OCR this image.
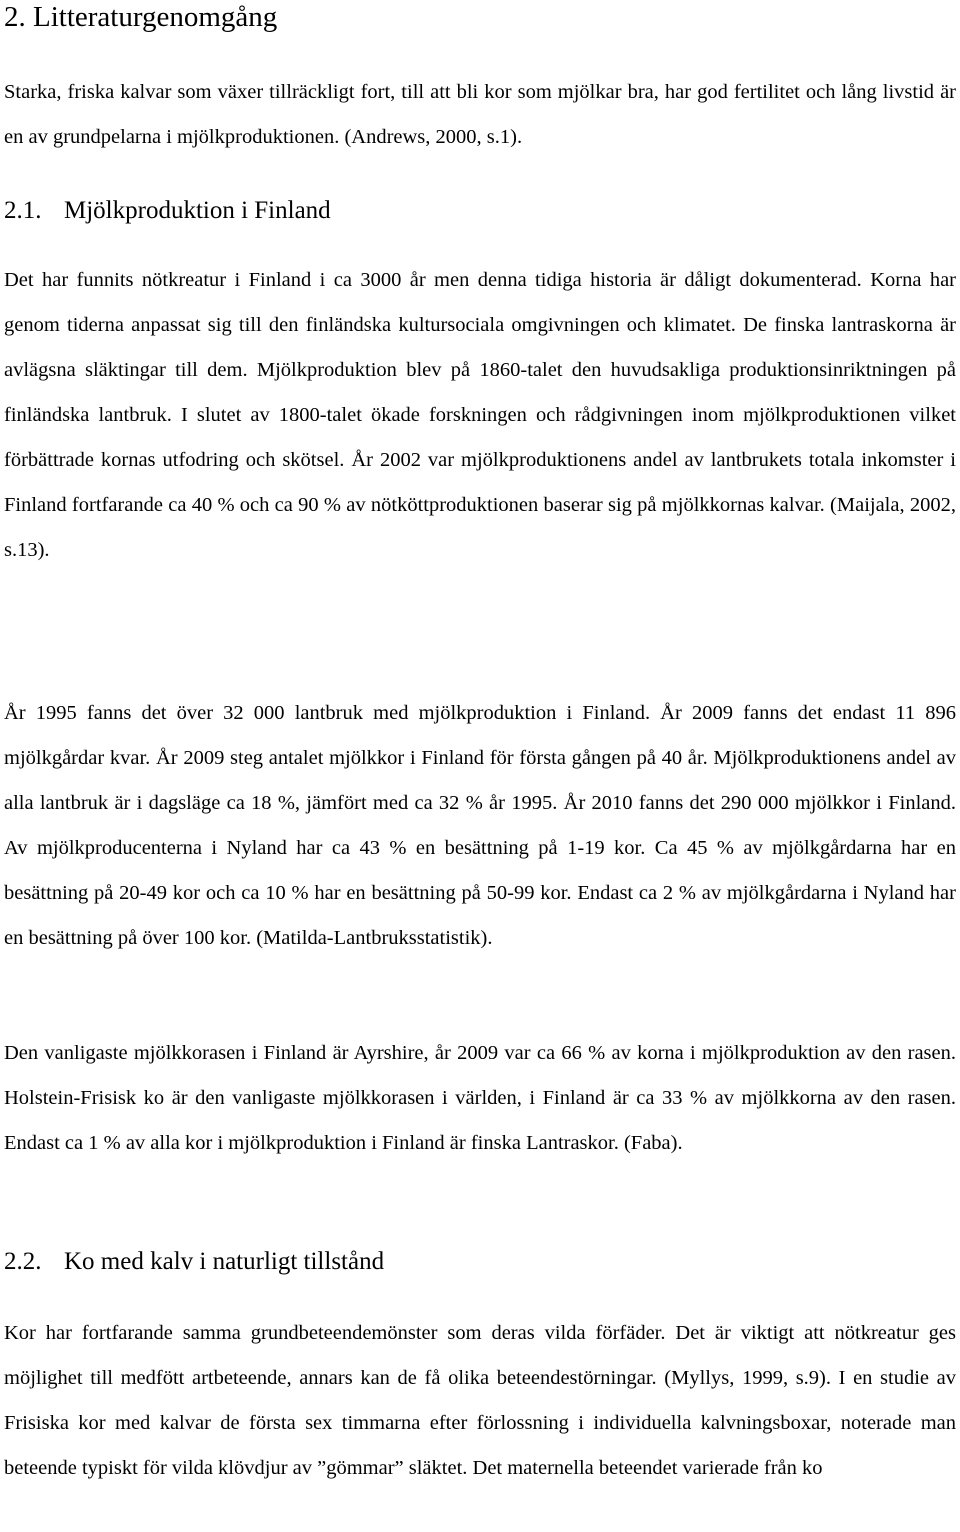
2. Litteraturgenomgång

Starka, friska kalvar som växer tillräckligt fort, till att bli kor som mjölkar bra, har god fertilitet och lång livstid är en av grundpelarna i mjölkproduktionen. (Andrews, 2000, s.1).

2.1. Mjölkproduktion i Finland

Det har funnits nötkreatur i Finland i ca 3000 år men denna tidiga historia är dåligt dokumenterad. Korna har genom tiderna anpassat sig till den finländska kultursociala omgivningen och klimatet. De finska lantraskorna är avlägsna släktingar till dem. Mjölkproduktion blev på 1860-talet den huvudsakliga produktionsinriktningen på finländska lantbruk. I slutet av 1800-talet ökade forskningen och rådgivningen inom mjölkproduktionen vilket förbättrade kornas utfodring och skötsel. År 2002 var mjölkproduktionens andel av lantbrukets totala inkomster i Finland fortfarande ca 40 % och ca 90 % av nötköttproduktionen baserar sig på mjölkkornas kalvar. (Maijala, 2002, s.13).

År 1995 fanns det över 32 000 lantbruk med mjölkproduktion i Finland. År 2009 fanns det endast 11 896 mjölkgårdar kvar. År 2009 steg antalet mjölkkor i Finland för första gången på 40 år. Mjölkproduktionens andel av alla lantbruk är i dagsläge ca 18 %, jämfört med ca 32 % år 1995. År 2010 fanns det 290 000 mjölkkor i Finland. Av mjölkproducenterna i Nyland har ca 43 % en besättning på 1-19 kor. Ca 45 % av mjölkgårdarna har en besättning på 20-49 kor och ca 10 % har en besättning på 50-99 kor. Endast ca 2 % av mjölkgårdarna i Nyland har en besättning på över 100 kor. (Matilda-Lantbruksstatistik).

Den vanligaste mjölkkorasen i Finland är Ayrshire, år 2009 var ca 66 % av korna i mjölkproduktion av den rasen. Holstein-Frisisk ko är den vanligaste mjölkkorasen i världen, i Finland är ca 33 % av mjölkkorna av den rasen. Endast ca 1 % av alla kor i mjölkproduktion i Finland är finska Lantraskor. (Faba).

2.2. Ko med kalv i naturligt tillstånd

Kor har fortfarande samma grundbeteendemönster som deras vilda förfäder. Det är viktigt att nötkreatur ges möjlighet till medfött artbeteende, annars kan de få olika beteendestörningar. (Myllys, 1999, s.9). I en studie av Frisiska kor med kalvar de första sex timmarna efter förlossning i individuella kalvningsboxar, noterade man beteende typiskt för vilda klövdjur av ”gömmar” släktet. Det maternella beteendet varierade från ko
